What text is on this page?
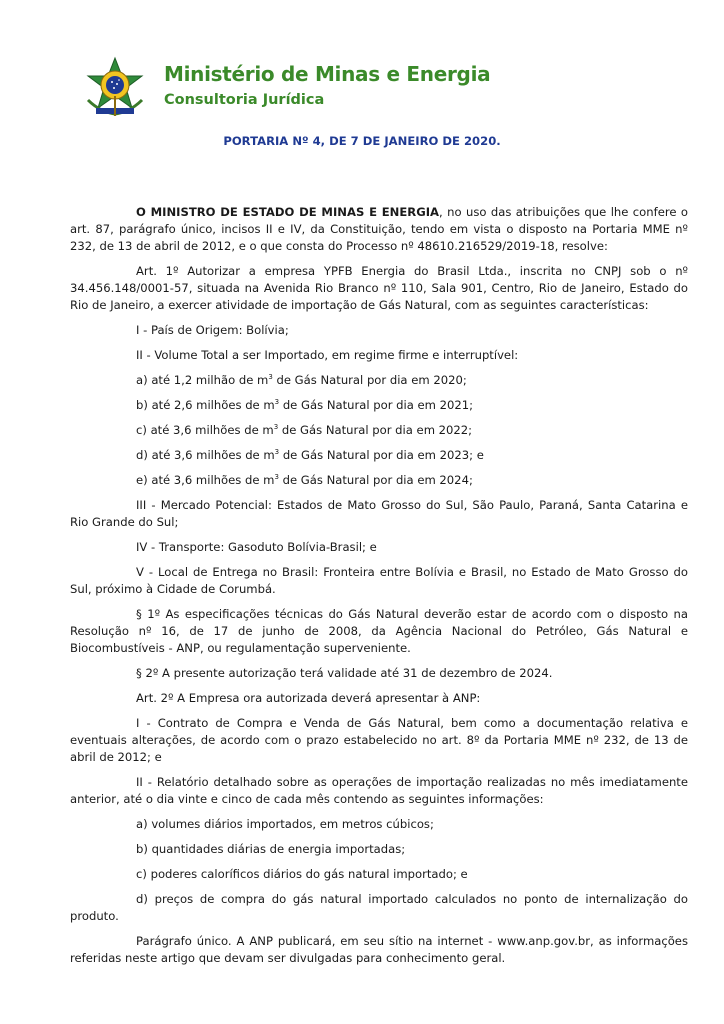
Ministério de Minas e Energia
Consultoria Jurídica
PORTARIA Nº 4, DE 7 DE JANEIRO DE 2020.

O MINISTRO DE ESTADO DE MINAS E ENERGIA, no uso das atribuições que lhe confere o art. 87, parágrafo único, incisos II e IV, da Constituição, tendo em vista o disposto na Portaria MME nº 232, de 13 de abril de 2012, e o que consta do Processo nº 48610.216529/2019-18, resolve:

Art. 1º Autorizar a empresa YPFB Energia do Brasil Ltda., inscrita no CNPJ sob o nº 34.456.148/0001-57, situada na Avenida Rio Branco nº 110, Sala 901, Centro, Rio de Janeiro, Estado do Rio de Janeiro, a exercer atividade de importação de Gás Natural, com as seguintes características:

I - País de Origem: Bolívia;

II - Volume Total a ser Importado, em regime firme e interruptível:

a) até 1,2 milhão de $m^3$ de Gás Natural por dia em 2020;

b) até 2,6 milhões de $m^3$ de Gás Natural por dia em 2021;

c) até 3,6 milhões de $m^3$ de Gás Natural por dia em 2022;

d) até 3,6 milhões de $m^3$ de Gás Natural por dia em 2023; e

e) até 3,6 milhões de $m^3$ de Gás Natural por dia em 2024;

III - Mercado Potencial: Estados de Mato Grosso do Sul, São Paulo, Paraná, Santa Catarina e Rio Grande do Sul;

IV - Transporte: Gasoduto Bolívia-Brasil; e

V - Local de Entrega no Brasil: Fronteira entre Bolívia e Brasil, no Estado de Mato Grosso do Sul, próximo à Cidade de Corumbá.

§ 1º As especificações técnicas do Gás Natural deverão estar de acordo com o disposto na Resolução nº 16, de 17 de junho de 2008, da Agência Nacional do Petróleo, Gás Natural e Biocombustíveis - ANP, ou regulamentação superveniente.

§ 2º A presente autorização terá validade até 31 de dezembro de 2024.

Art. 2º A Empresa ora autorizada deverá apresentar à ANP:

I - Contrato de Compra e Venda de Gás Natural, bem como a documentação relativa e eventuais alterações, de acordo com o prazo estabelecido no art. 8º da Portaria MME nº 232, de 13 de abril de 2012; e

II - Relatório detalhado sobre as operações de importação realizadas no mês imediatamente anterior, até o dia vinte e cinco de cada mês contendo as seguintes informações:

a) volumes diários importados, em metros cúbicos;

b) quantidades diárias de energia importadas;

c) poderes caloríficos diários do gás natural importado; e

d) preços de compra do gás natural importado calculados no ponto de internalização do produto.

Parágrafo único. A ANP publicará, em seu sítio na internet - www.anp.gov.br, as informações referidas neste artigo que devam ser divulgadas para conhecimento geral.
